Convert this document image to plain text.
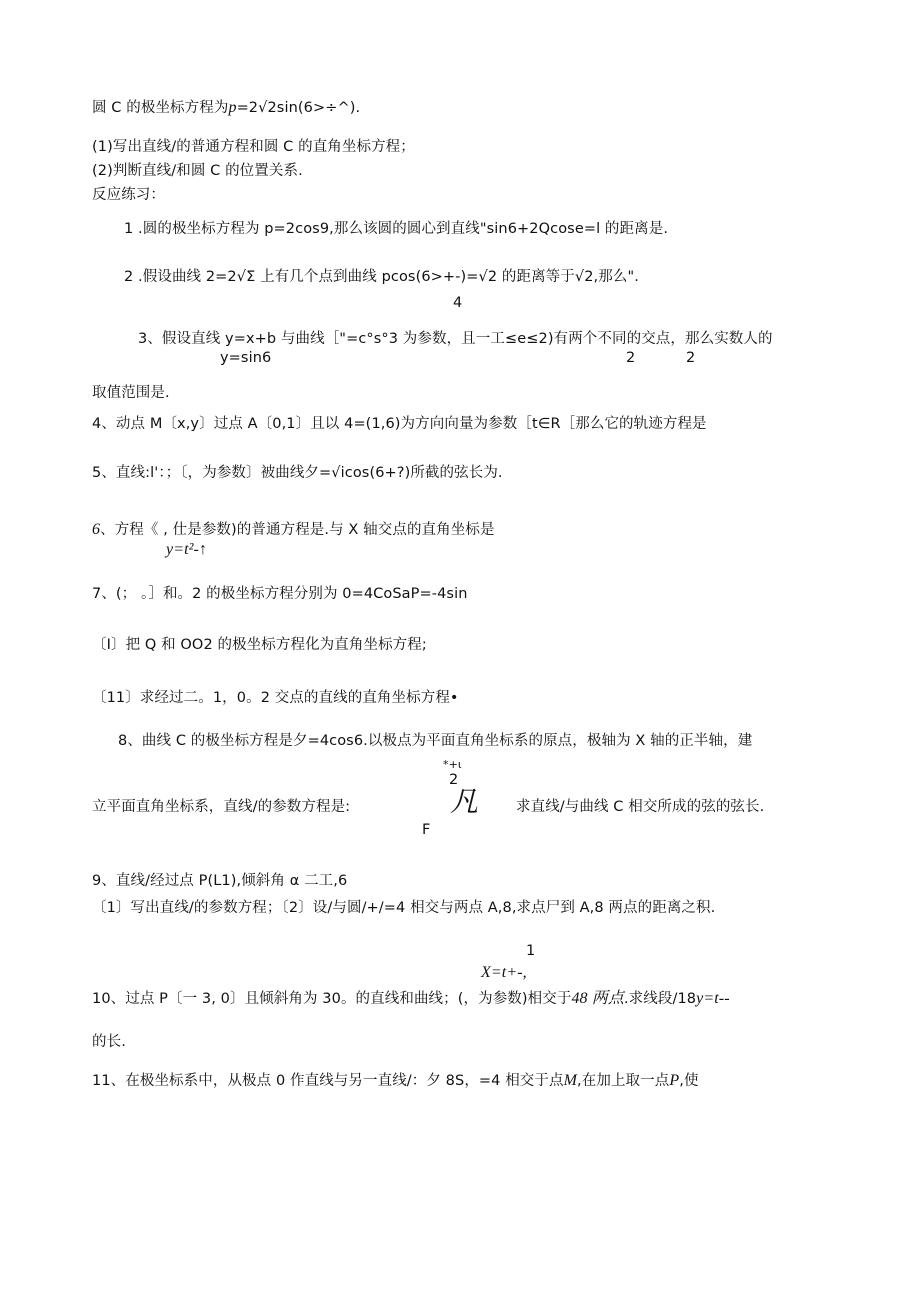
圆 C 的极坐标方程为p=2√2sin(6>÷^).
(1)写出直线/的普通方程和圆 C 的直角坐标方程；
(2)判断直线/和圆 C 的位置关系.
反应练习：
1 .圆的极坐标方程为 p=2cos9,那么该圆的圆心到直线"sin6+2Qcose=l 的距离是.
2 .假设曲线 2=2√Σ 上有几个点到曲线 pcos(6>+-)=√2 的距离等于√2,那么".
4
3、假设直线 y=x+b 与曲线［"=c°s°3 为参数，且一工≤e≤2)有两个不同的交点，那么实数人的
y=sin6	2	2
取值范围是.
4、动点 M〔x,y〕过点 A〔0,1〕且以 4=(1,6)为方向向量为参数［t∈R［那么它的轨迹方程是
5、直线:l'：；〔，为参数〕被曲线夕=√icos(6+?)所截的弦长为.
6、方程《 , 仕是参数)的普通方程是.与 X 轴交点的直角坐标是
y=t²-↑
7、(； 。］和。2 的极坐标方程分别为 0=4CoSaP=-4sin
〔I〕把 Q 和 OO2 的极坐标方程化为直角坐标方程;
〔11〕求经过二。1，0。2 交点的直线的直角坐标方程•
8、曲线 C 的极坐标方程是夕=4cos6.以极点为平面直角坐标系的原点，极轴为 X 轴的正半轴，建
*+ι
2
立平面直角坐标系，直线/的参数方程是:	凡	求直线/与曲线 C 相交所成的弦的弦长.
F
9、直线/经过点 P(L1),倾斜角 α 二工,6
〔1〕写出直线/的参数方程；〔2〕设/与圆/+/=4 相交与两点 A,8,求点尸到 A,8 两点的距离之积.
1
X=t+-,
10、过点 P〔一 3, 0〕且倾斜角为 30。的直线和曲线；(，为参数)相交于48 两点.求线段/18y=t--
的长.
11、在极坐标系中，从极点 0 作直线与另一直线/：夕 8S，=4 相交于点M,在加上取一点P,使
